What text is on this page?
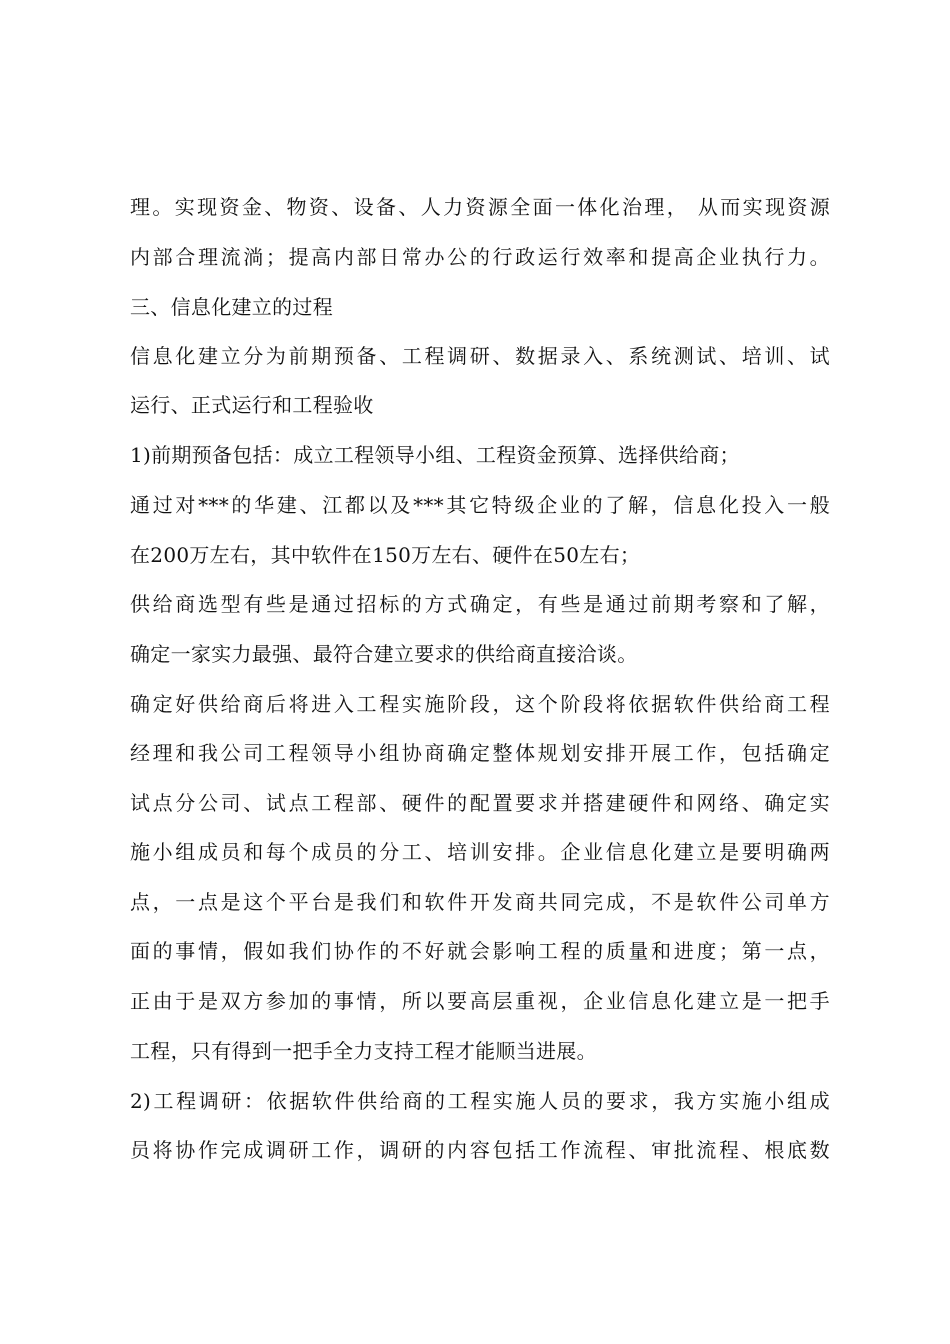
理。实现资金、物资、设备、人力资源全面一体化治理， 从而实现资源
内部合理流淌；提高内部日常办公的行政运行效率和提高企业执行力。
三、信息化建立的过程
信息化建立分为前期预备、工程调研、数据录入、系统测试、培训、试
运行、正式运行和工程验收
1)前期预备包括：成立工程领导小组、工程资金预算、选择供给商；
通过对***的华建、江都以及***其它特级企业的了解，信息化投入一般
在200万左右，其中软件在150万左右、硬件在50左右；
供给商选型有些是通过招标的方式确定，有些是通过前期考察和了解，
确定一家实力最强、最符合建立要求的供给商直接洽谈。
确定好供给商后将进入工程实施阶段，这个阶段将依据软件供给商工程
经理和我公司工程领导小组协商确定整体规划安排开展工作，包括确定
试点分公司、试点工程部、硬件的配置要求并搭建硬件和网络、确定实
施小组成员和每个成员的分工、培训安排。企业信息化建立是要明确两
点，一点是这个平台是我们和软件开发商共同完成，不是软件公司单方
面的事情，假如我们协作的不好就会影响工程的质量和进度；第一点，
正由于是双方参加的事情，所以要高层重视，企业信息化建立是一把手
工程，只有得到一把手全力支持工程才能顺当进展。
2)工程调研：依据软件供给商的工程实施人员的要求，我方实施小组成
员将协作完成调研工作，调研的内容包括工作流程、审批流程、根底数
